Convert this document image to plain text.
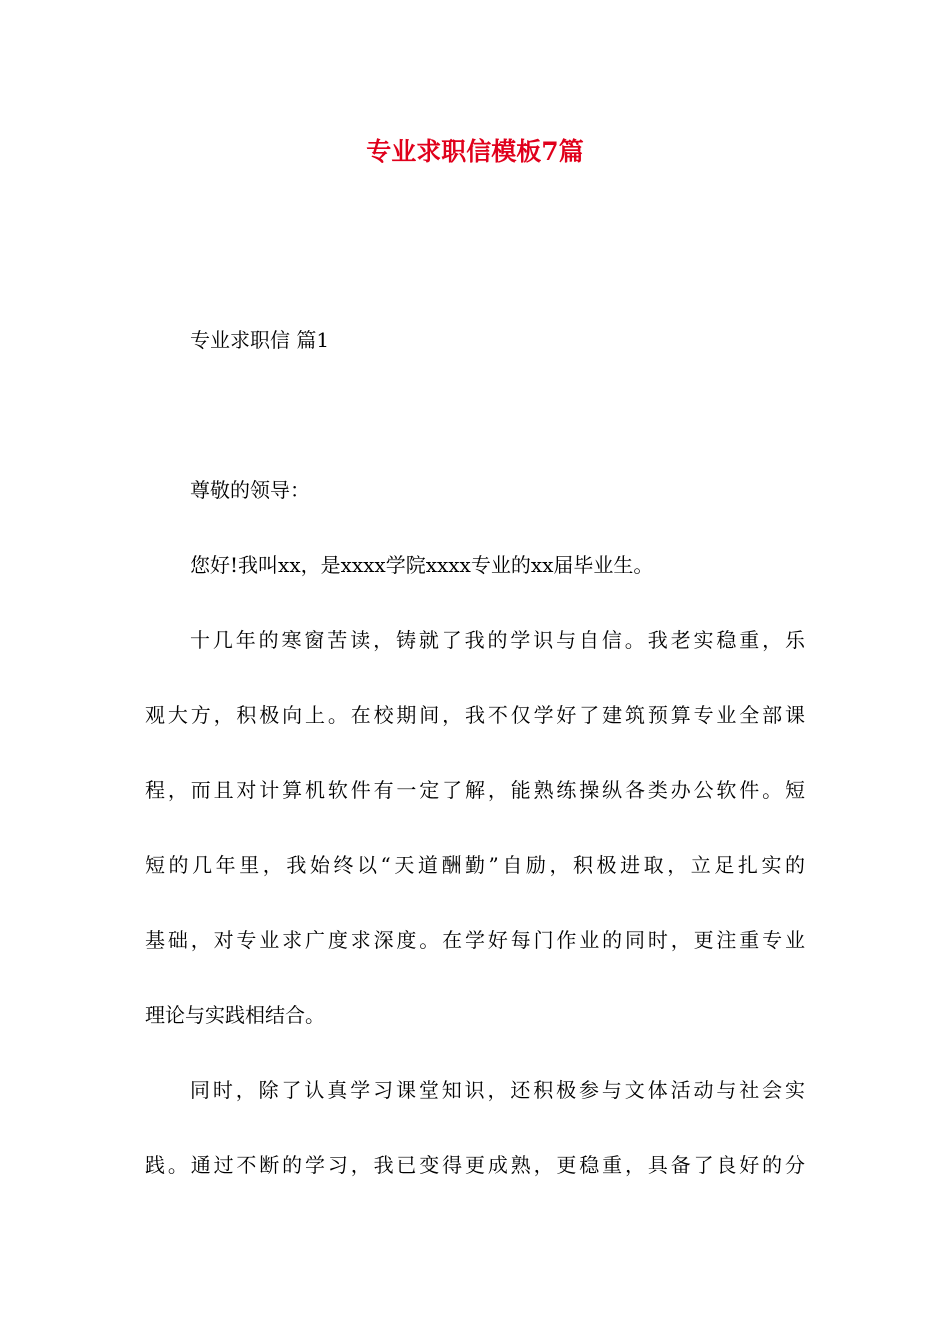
专业求职信模板7篇
专业求职信 篇1
尊敬的领导：
您好!我叫xx，是xxxx学院xxxx专业的xx届毕业生。
十几年的寒窗苦读，铸就了我的学识与自信。我老实稳重，乐
观大方，积极向上。在校期间，我不仅学好了建筑预算专业全部课
程，而且对计算机软件有一定了解，能熟练操纵各类办公软件。短
短的几年里，我始终以“天道酬勤”自励，积极进取，立足扎实的
基础，对专业求广度求深度。在学好每门作业的同时，更注重专业
理论与实践相结合。
同时，除了认真学习课堂知识，还积极参与文体活动与社会实
践。通过不断的学习，我已变得更成熟，更稳重，具备了良好的分
